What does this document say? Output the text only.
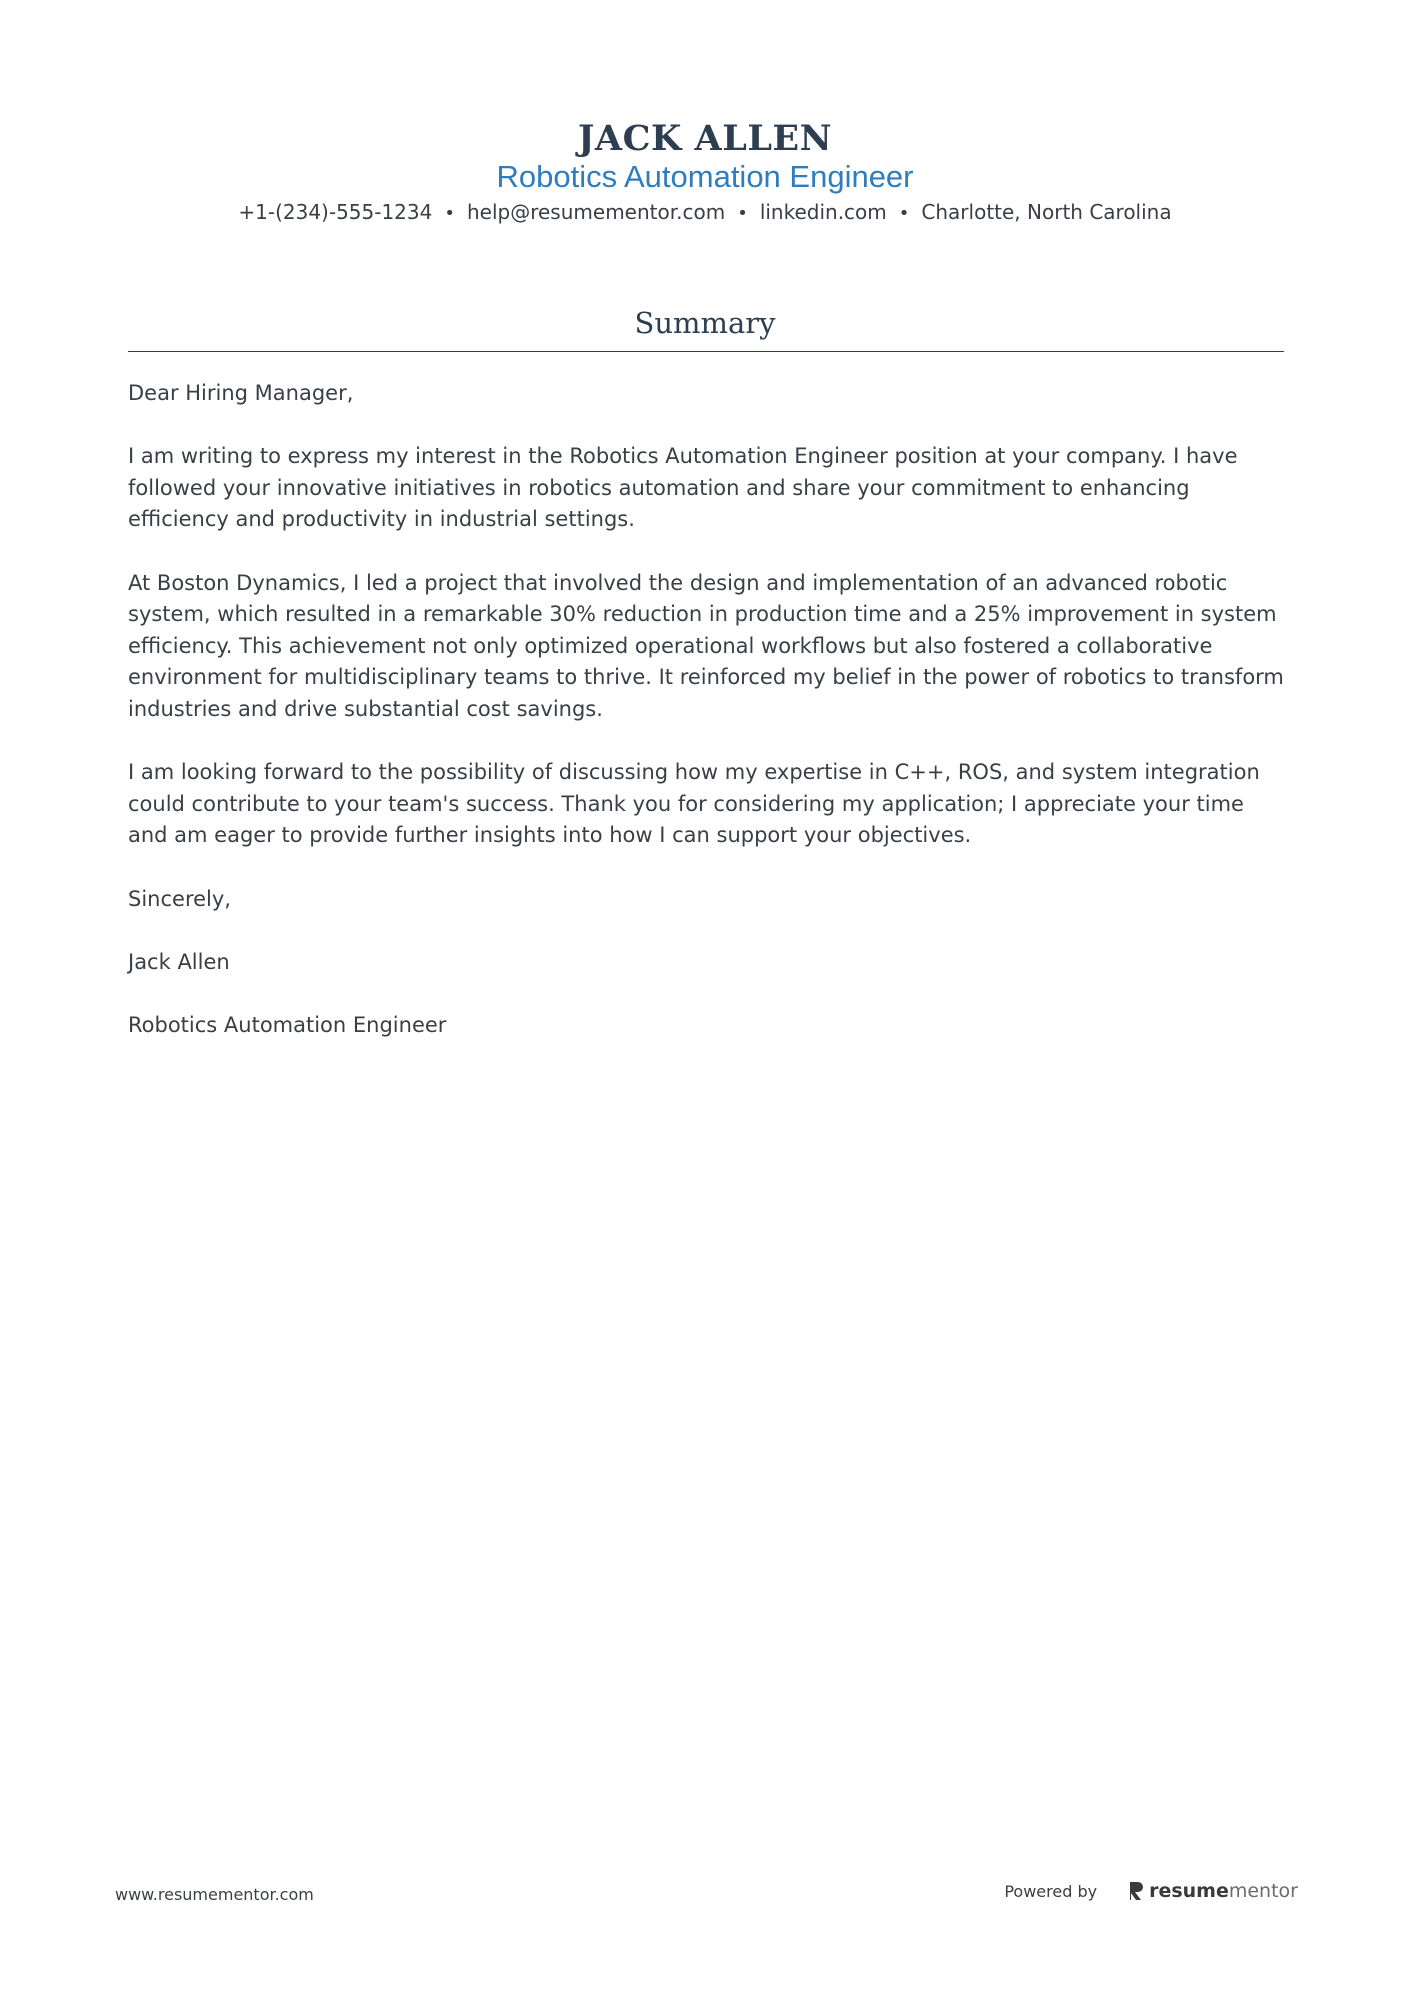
JACK ALLEN
Robotics Automation Engineer
+1-(234)-555-1234 • help@resumementor.com • linkedin.com • Charlotte, North Carolina
Summary

Dear Hiring Manager,

I am writing to express my interest in the Robotics Automation Engineer position at your company. I have followed your innovative initiatives in robotics automation and share your commitment to enhancing efficiency and productivity in industrial settings.

At Boston Dynamics, I led a project that involved the design and implementation of an advanced robotic system, which resulted in a remarkable 30% reduction in production time and a 25% improvement in system efficiency. This achievement not only optimized operational workflows but also fostered a collaborative environment for multidisciplinary teams to thrive. It reinforced my belief in the power of robotics to transform industries and drive substantial cost savings.

I am looking forward to the possibility of discussing how my expertise in C++, ROS, and system integration could contribute to your team's success. Thank you for considering my application; I appreciate your time and am eager to provide further insights into how I can support your objectives.

Sincerely,

Jack Allen

Robotics Automation Engineer

www.resumementor.com	Powered by	resume mentor
